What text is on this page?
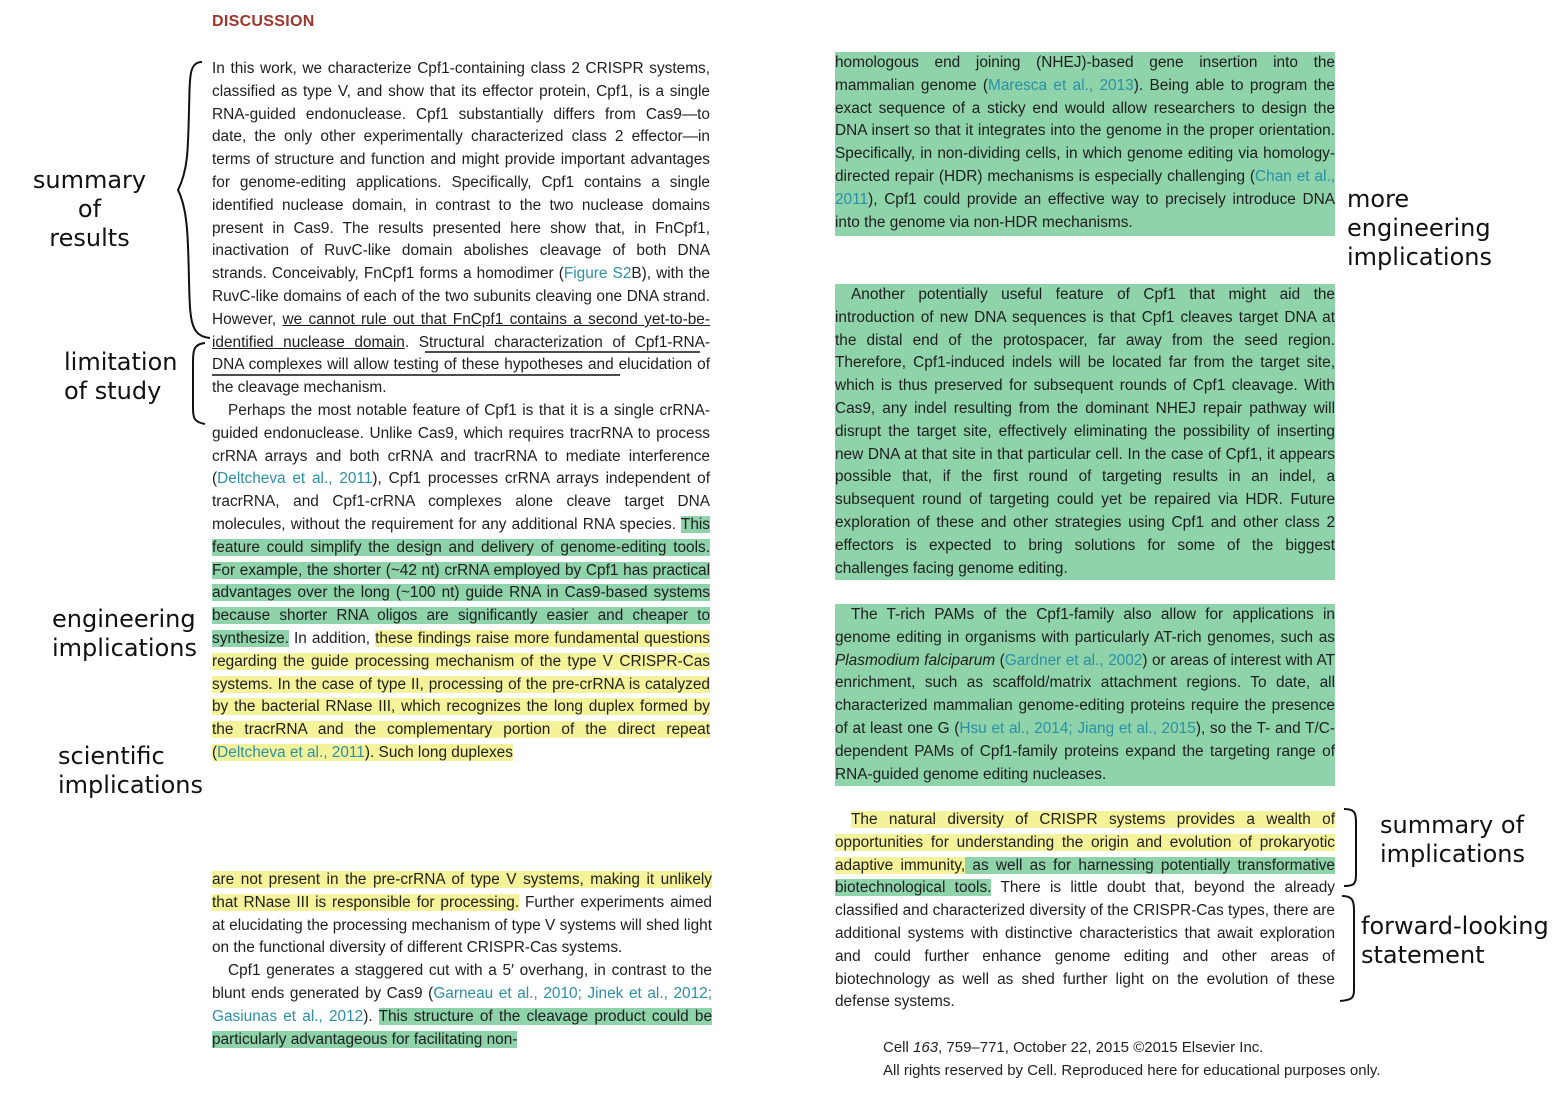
DISCUSSION

In this work, we characterize Cpf1-containing class 2 CRISPR systems, classified as type V, and show that its effector protein, Cpf1, is a single RNA-guided endonuclease. Cpf1 substantially differs from Cas9—to date, the only other experimentally characterized class 2 effector—in terms of structure and function and might provide important advantages for genome-editing applications. Specifically, Cpf1 contains a single identified nuclease domain, in contrast to the two nuclease domains present in Cas9. The results presented here show that, in FnCpf1, inactivation of RuvC-like domain abolishes cleavage of both DNA strands. Conceivably, FnCpf1 forms a homodimer (Figure S2B), with the RuvC-like domains of each of the two subunits cleaving one DNA strand. However, we cannot rule out that FnCpf1 contains a second yet-to-be-identified nuclease domain. Structural characterization of Cpf1-RNA-DNA complexes will allow testing of these hypotheses and elucidation of the cleavage mechanism.

Perhaps the most notable feature of Cpf1 is that it is a single crRNA-guided endonuclease. Unlike Cas9, which requires tracrRNA to process crRNA arrays and both crRNA and tracrRNA to mediate interference (Deltcheva et al., 2011), Cpf1 processes crRNA arrays independent of tracrRNA, and Cpf1-crRNA complexes alone cleave target DNA molecules, without the requirement for any additional RNA species. This feature could simplify the design and delivery of genome-editing tools. For example, the shorter (~42 nt) crRNA employed by Cpf1 has practical advantages over the long (~100 nt) guide RNA in Cas9-based systems because shorter RNA oligos are significantly easier and cheaper to synthesize. In addition, these findings raise more fundamental questions regarding the guide processing mechanism of the type V CRISPR-Cas systems. In the case of type II, processing of the pre-crRNA is catalyzed by the bacterial RNase III, which recognizes the long duplex formed by the tracrRNA and the complementary portion of the direct repeat (Deltcheva et al., 2011). Such long duplexes

are not present in the pre-crRNA of type V systems, making it unlikely that RNase III is responsible for processing. Further experiments aimed at elucidating the processing mechanism of type V systems will shed light on the functional diversity of different CRISPR-Cas systems.

Cpf1 generates a staggered cut with a 5′ overhang, in contrast to the blunt ends generated by Cas9 (Garneau et al., 2010; Jinek et al., 2012; Gasiunas et al., 2012). This structure of the cleavage product could be particularly advantageous for facilitating non-

homologous end joining (NHEJ)-based gene insertion into the mammalian genome (Maresca et al., 2013). Being able to program the exact sequence of a sticky end would allow researchers to design the DNA insert so that it integrates into the genome in the proper orientation. Specifically, in non-dividing cells, in which genome editing via homology-directed repair (HDR) mechanisms is especially challenging (Chan et al., 2011), Cpf1 could provide an effective way to precisely introduce DNA into the genome via non-HDR mechanisms.

Another potentially useful feature of Cpf1 that might aid the introduction of new DNA sequences is that Cpf1 cleaves target DNA at the distal end of the protospacer, far away from the seed region. Therefore, Cpf1-induced indels will be located far from the target site, which is thus preserved for subsequent rounds of Cpf1 cleavage. With Cas9, any indel resulting from the dominant NHEJ repair pathway will disrupt the target site, effectively eliminating the possibility of inserting new DNA at that site in that particular cell. In the case of Cpf1, it appears possible that, if the first round of targeting results in an indel, a subsequent round of targeting could yet be repaired via HDR. Future exploration of these and other strategies using Cpf1 and other class 2 effectors is expected to bring solutions for some of the biggest challenges facing genome editing.

The T-rich PAMs of the Cpf1-family also allow for applications in genome editing in organisms with particularly AT-rich genomes, such as Plasmodium falciparum (Gardner et al., 2002) or areas of interest with AT enrichment, such as scaffold/matrix attachment regions. To date, all characterized mammalian genome-editing proteins require the presence of at least one G (Hsu et al., 2014; Jiang et al., 2015), so the T- and T/C-dependent PAMs of Cpf1-family proteins expand the targeting range of RNA-guided genome editing nucleases.

The natural diversity of CRISPR systems provides a wealth of opportunities for understanding the origin and evolution of prokaryotic adaptive immunity, as well as for harnessing potentially transformative biotechnological tools. There is little doubt that, beyond the already classified and characterized diversity of the CRISPR-Cas types, there are additional systems with distinctive characteristics that await exploration and could further enhance genome editing and other areas of biotechnology as well as shed further light on the evolution of these defense systems.

summary of
results
limitation
of study
engineering
implications
scientific
implications
more engineering
implications
summary of
implications
forward-looking
statement
Cell 163, 759–771, October 22, 2015 ©2015 Elsevier Inc.
All rights reserved by Cell. Reproduced here for educational purposes only.
